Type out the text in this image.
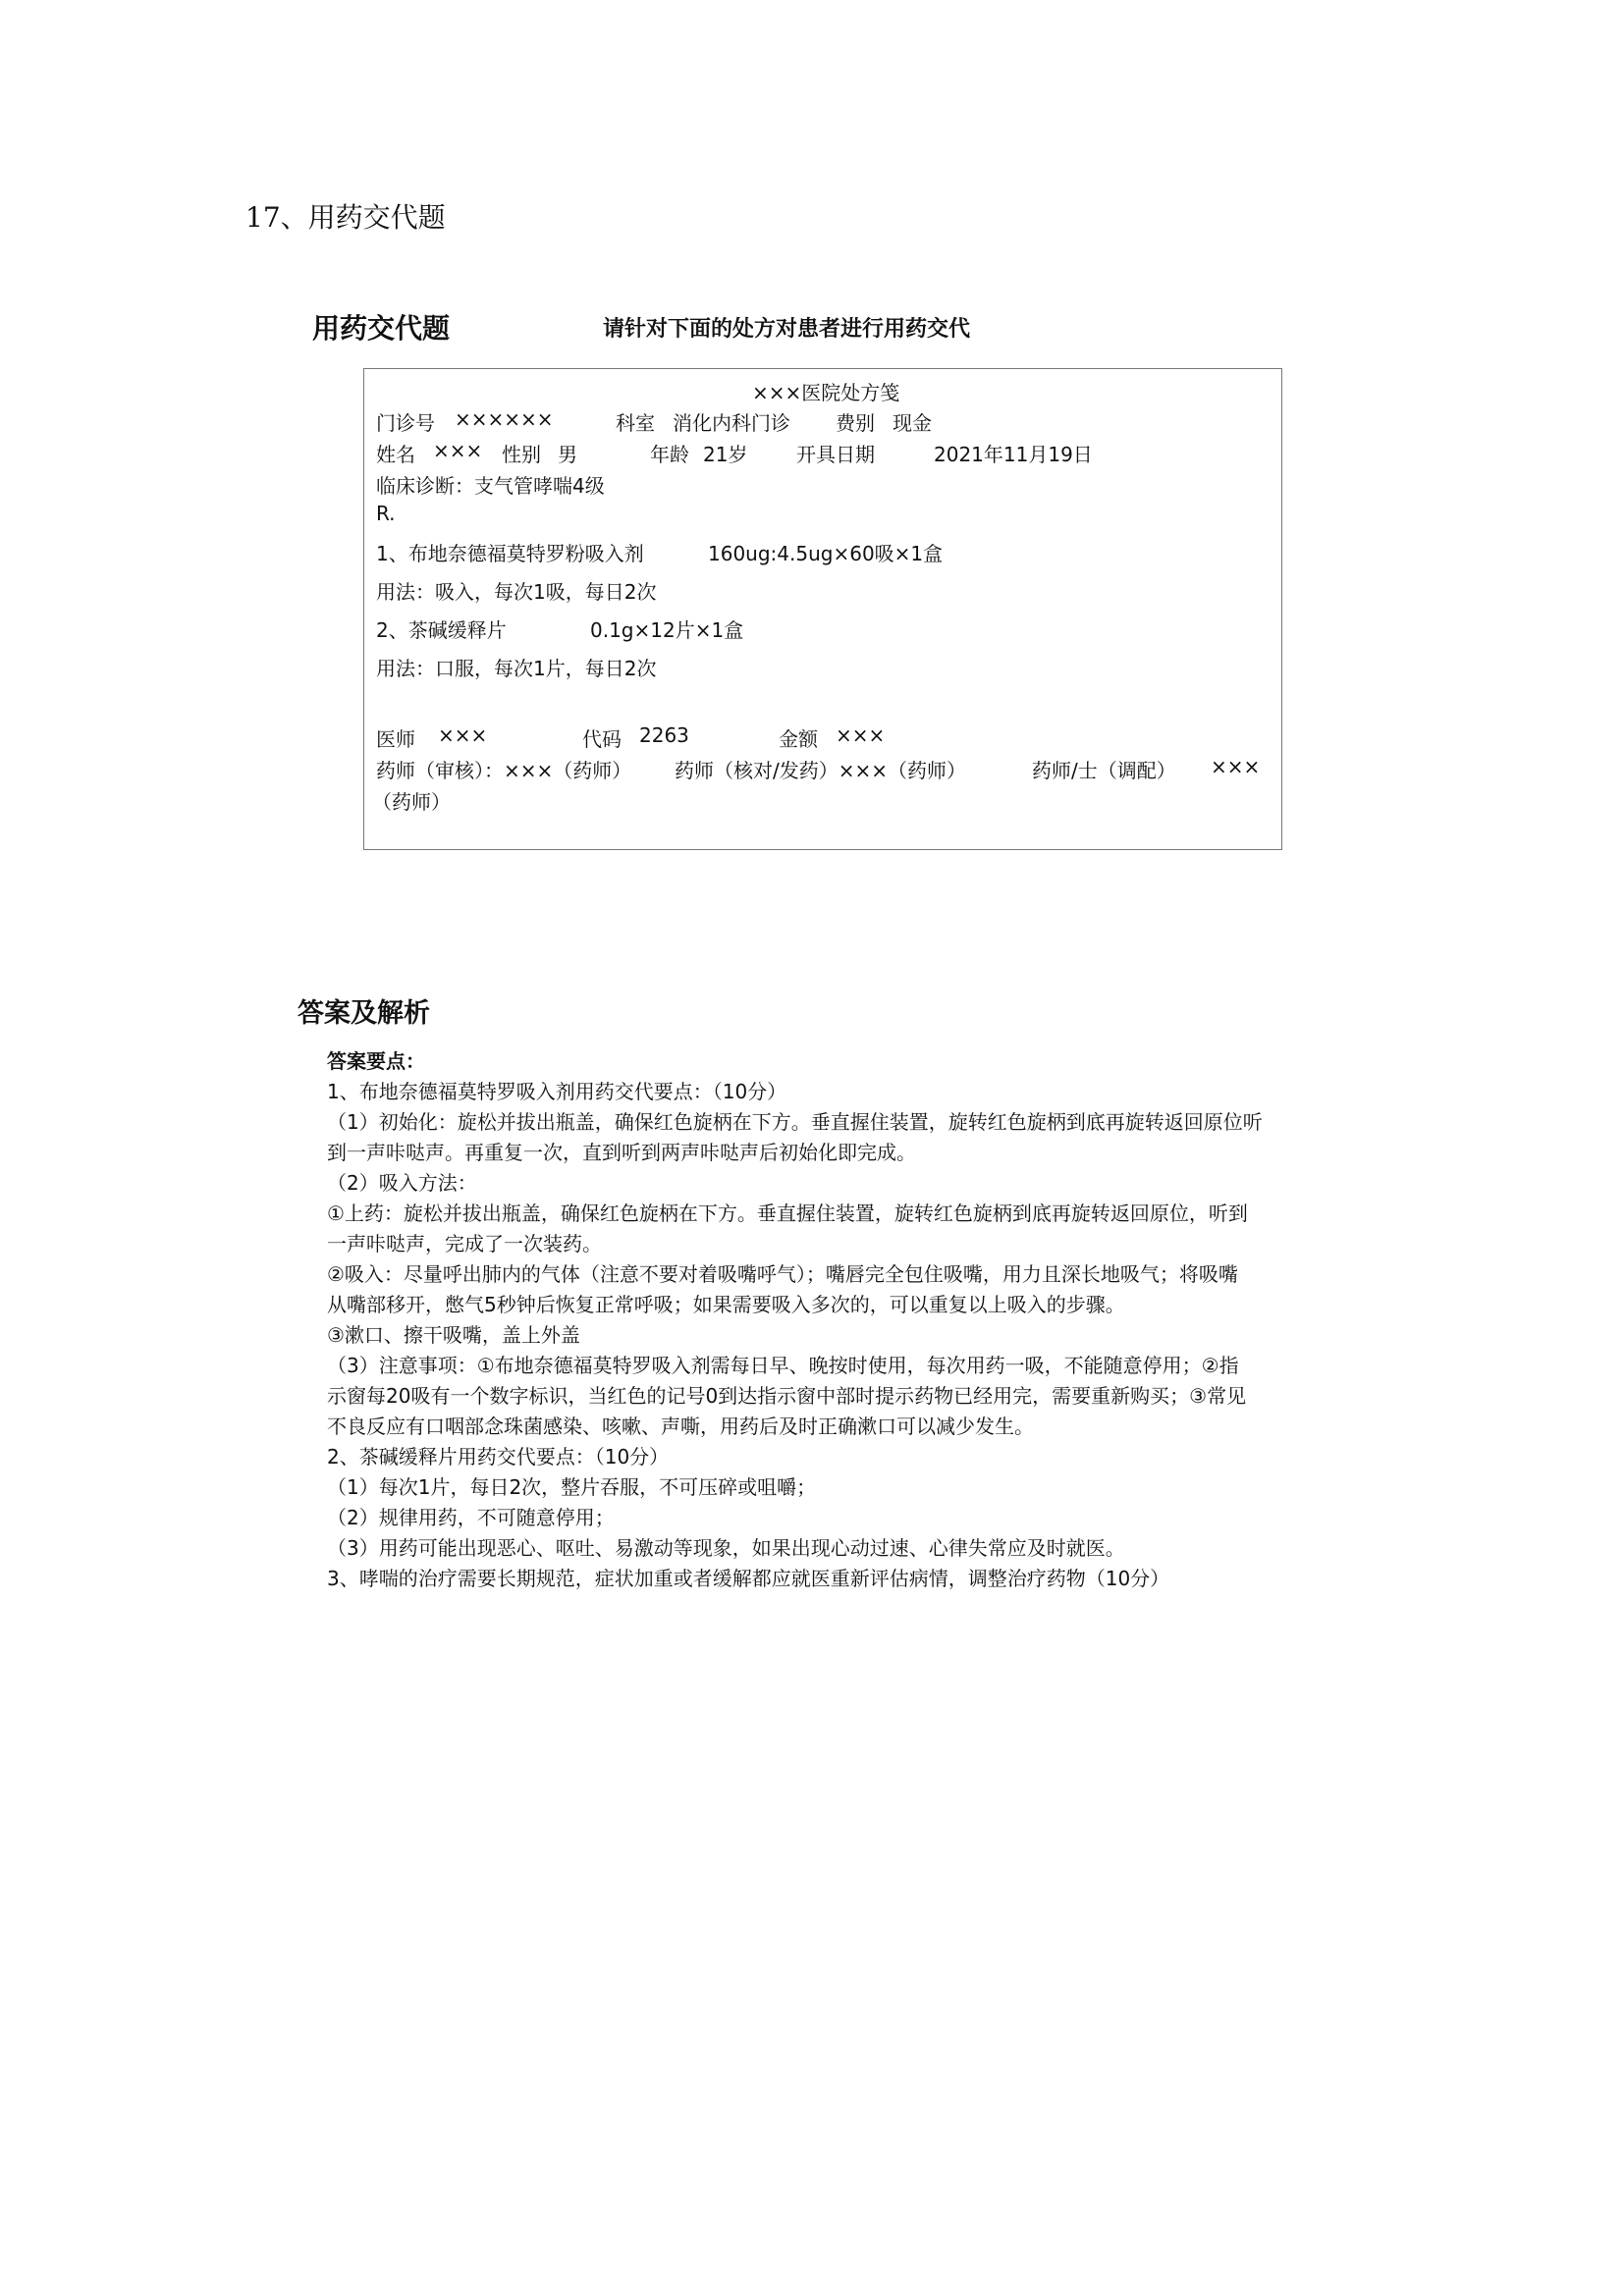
17、用药交代题
用药交代题	请针对下面的处方对患者进行用药交代
×××医院处方笺
门诊号 ××××××	科室 消化内科门诊 费别 现金
姓名 ××× 性别 男	年龄 21岁 开具日期	2021年11月19日
临床诊断：支气管哮喘4级
R.
1、布地奈德福莫特罗粉吸入剂	160ug:4.5ug×60吸×1盒
用法：吸入，每次1吸，每日2次
2、茶碱缓释片	0.1g×12片×1盒
用法：口服，每次1片，每日2次
医师 ×××	代码 2263	金额 ×××
药师（审核）：×××（药师） 药师（核对/发药）×××（药师）	药师/士（调配） ×××
（药师）
答案及解析
答案要点：
1、布地奈德福莫特罗吸入剂用药交代要点：（10分）
（1）初始化：旋松并拔出瓶盖，确保红色旋柄在下方。垂直握住装置，旋转红色旋柄到底再旋转返回原位听
到一声咔哒声。再重复一次，直到听到两声咔哒声后初始化即完成。
（2）吸入方法：
①上药：旋松并拔出瓶盖，确保红色旋柄在下方。垂直握住装置，旋转红色旋柄到底再旋转返回原位，听到
一声咔哒声，完成了一次装药。
②吸入：尽量呼出肺内的气体（注意不要对着吸嘴呼气）；嘴唇完全包住吸嘴，用力且深长地吸气；将吸嘴
从嘴部移开，憋气5秒钟后恢复正常呼吸；如果需要吸入多次的，可以重复以上吸入的步骤。
③漱口、擦干吸嘴，盖上外盖
（3）注意事项：①布地奈德福莫特罗吸入剂需每日早、晚按时使用，每次用药一吸，不能随意停用；②指
示窗每20吸有一个数字标识，当红色的记号0到达指示窗中部时提示药物已经用完，需要重新购买；③常见
不良反应有口咽部念珠菌感染、咳嗽、声嘶，用药后及时正确漱口可以减少发生。
2、茶碱缓释片用药交代要点：（10分）
（1）每次1片，每日2次，整片吞服，不可压碎或咀嚼；
（2）规律用药，不可随意停用；
（3）用药可能出现恶心、呕吐、易激动等现象，如果出现心动过速、心律失常应及时就医。
3、哮喘的治疗需要长期规范，症状加重或者缓解都应就医重新评估病情，调整治疗药物（10分）
